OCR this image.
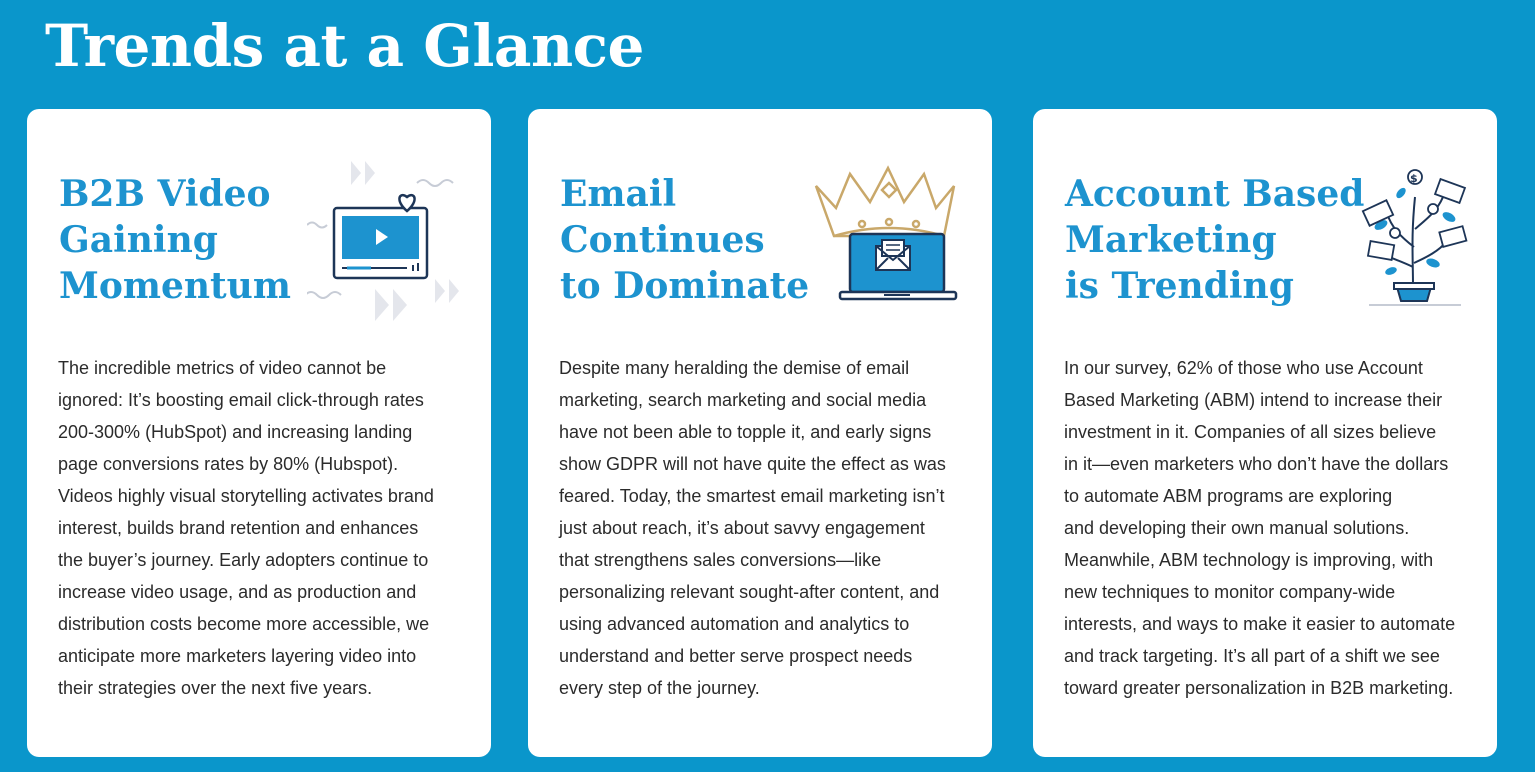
Trends at a Glance
B2B Video
Gaining
Momentum
The incredible metrics of video cannot be
ignored: It’s boosting email click-through rates
200-300% (HubSpot) and increasing landing
page conversions rates by 80% (Hubspot).
Videos highly visual storytelling activates brand
interest, builds brand retention and enhances
the buyer’s journey. Early adopters continue to
increase video usage, and as production and
distribution costs become more accessible, we
anticipate more marketers layering video into
their strategies over the next five years.
Email
Continues
to Dominate
Despite many heralding the demise of email
marketing, search marketing and social media
have not been able to topple it, and early signs
show GDPR will not have quite the effect as was
feared. Today, the smartest email marketing isn’t
just about reach, it’s about savvy engagement
that strengthens sales conversions—like
personalizing relevant sought-after content, and
using advanced automation and analytics to
understand and better serve prospect needs
every step of the journey.
Account Based
Marketing
is Trending
$
In our survey, 62% of those who use Account
Based Marketing (ABM) intend to increase their
investment in it. Companies of all sizes believe
in it—even marketers who don’t have the dollars
to automate ABM programs are exploring
and developing their own manual solutions.
Meanwhile, ABM technology is improving, with
new techniques to monitor company-wide
interests, and ways to make it easier to automate
and track targeting. It’s all part of a shift we see
toward greater personalization in B2B marketing.
